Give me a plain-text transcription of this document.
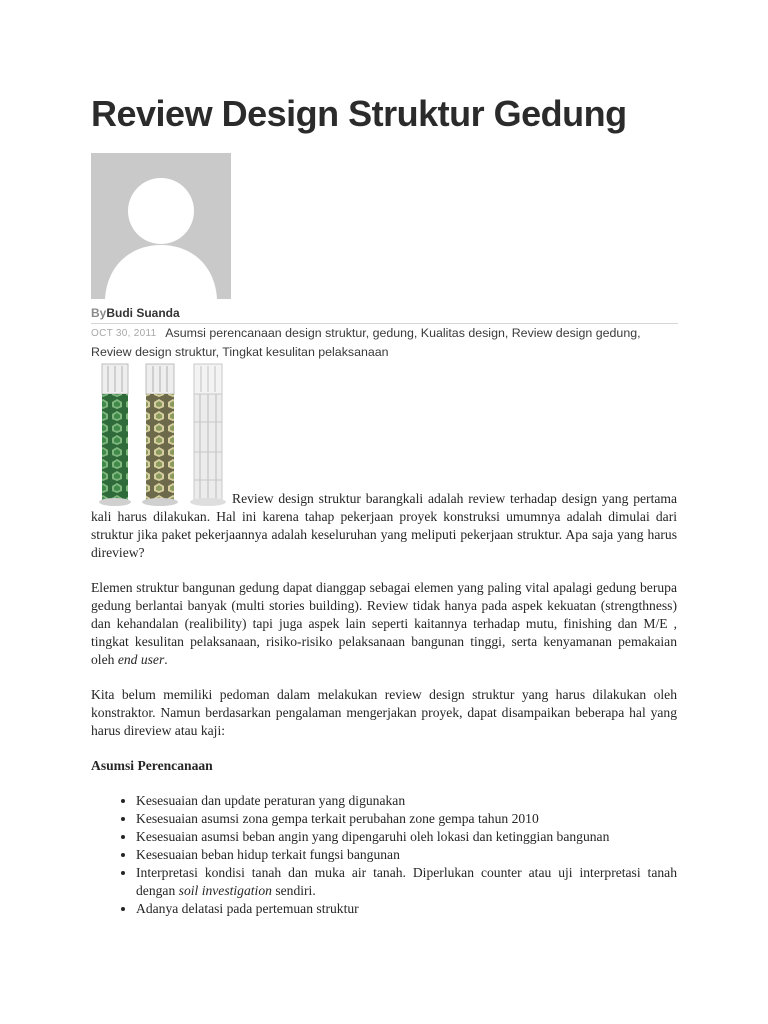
Review Design Struktur Gedung
ByBudi Suanda
OCT 30, 2011 Asumsi perencanaan design struktur, gedung, Kualitas design, Review design gedung, Review design struktur, Tingkat kesulitan pelaksanaan

Review design struktur barangkali adalah review terhadap design yang pertama kali harus dilakukan. Hal ini karena tahap pekerjaan proyek konstruksi umumnya adalah dimulai dari struktur jika paket pekerjaannya adalah keseluruhan yang meliputi pekerjaan struktur. Apa saja yang harus direview?

Elemen struktur bangunan gedung dapat dianggap sebagai elemen yang paling vital apalagi gedung berupa gedung berlantai banyak (multi stories building). Review tidak hanya pada aspek kekuatan (strengthness) dan kehandalan (realibility) tapi juga aspek lain seperti kaitannya terhadap mutu, finishing dan M/E , tingkat kesulitan pelaksanaan, risiko-risiko pelaksanaan bangunan tinggi, serta kenyamanan pemakaian oleh end user.

Kita belum memiliki pedoman dalam melakukan review design struktur yang harus dilakukan oleh konstraktor. Namun berdasarkan pengalaman mengerjakan proyek, dapat disampaikan beberapa hal yang harus direview atau kaji:

Asumsi Perencanaan
• Kesesuaian dan update peraturan yang digunakan
• Kesesuaian asumsi zona gempa terkait perubahan zone gempa tahun 2010
• Kesesuaian asumsi beban angin yang dipengaruhi oleh lokasi dan ketinggian bangunan
• Kesesuaian beban hidup terkait fungsi bangunan
• Interpretasi kondisi tanah dan muka air tanah. Diperlukan counter atau uji interpretasi tanah dengan soil investigation sendiri.
• Adanya delatasi pada pertemuan struktur
